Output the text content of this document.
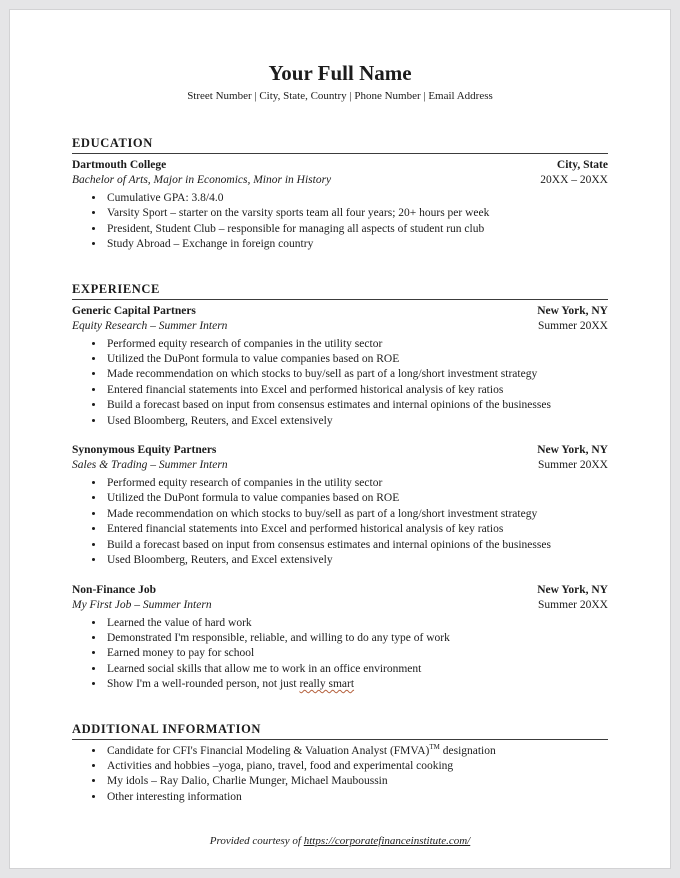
Your Full Name
Street Number | City, State, Country | Phone Number | Email Address
EDUCATION
Dartmouth College	City, State
Bachelor of Arts, Major in Economics, Minor in History	20XX – 20XX
• Cumulative GPA: 3.8/4.0
• Varsity Sport – starter on the varsity sports team all four years; 20+ hours per week
• President, Student Club – responsible for managing all aspects of student run club
• Study Abroad – Exchange in foreign country
EXPERIENCE
Generic Capital Partners	New York, NY
Equity Research – Summer Intern	Summer 20XX
• Performed equity research of companies in the utility sector
• Utilized the DuPont formula to value companies based on ROE
• Made recommendation on which stocks to buy/sell as part of a long/short investment strategy
• Entered financial statements into Excel and performed historical analysis of key ratios
• Build a forecast based on input from consensus estimates and internal opinions of the businesses
• Used Bloomberg, Reuters, and Excel extensively
Synonymous Equity Partners	New York, NY
Sales & Trading – Summer Intern	Summer 20XX
• Performed equity research of companies in the utility sector
• Utilized the DuPont formula to value companies based on ROE
• Made recommendation on which stocks to buy/sell as part of a long/short investment strategy
• Entered financial statements into Excel and performed historical analysis of key ratios
• Build a forecast based on input from consensus estimates and internal opinions of the businesses
• Used Bloomberg, Reuters, and Excel extensively
Non-Finance Job	New York, NY
My First Job – Summer Intern	Summer 20XX
• Learned the value of hard work
• Demonstrated I'm responsible, reliable, and willing to do any type of work
• Earned money to pay for school
• Learned social skills that allow me to work in an office environment
• Show I'm a well-rounded person, not just really smart
ADDITIONAL INFORMATION
• Candidate for CFI's Financial Modeling & Valuation Analyst (FMVA)™ designation
• Activities and hobbies –yoga, piano, travel, food and experimental cooking
• My idols – Ray Dalio, Charlie Munger, Michael Mauboussin
• Other interesting information
Provided courtesy of https://corporatefinanceinstitute.com/
